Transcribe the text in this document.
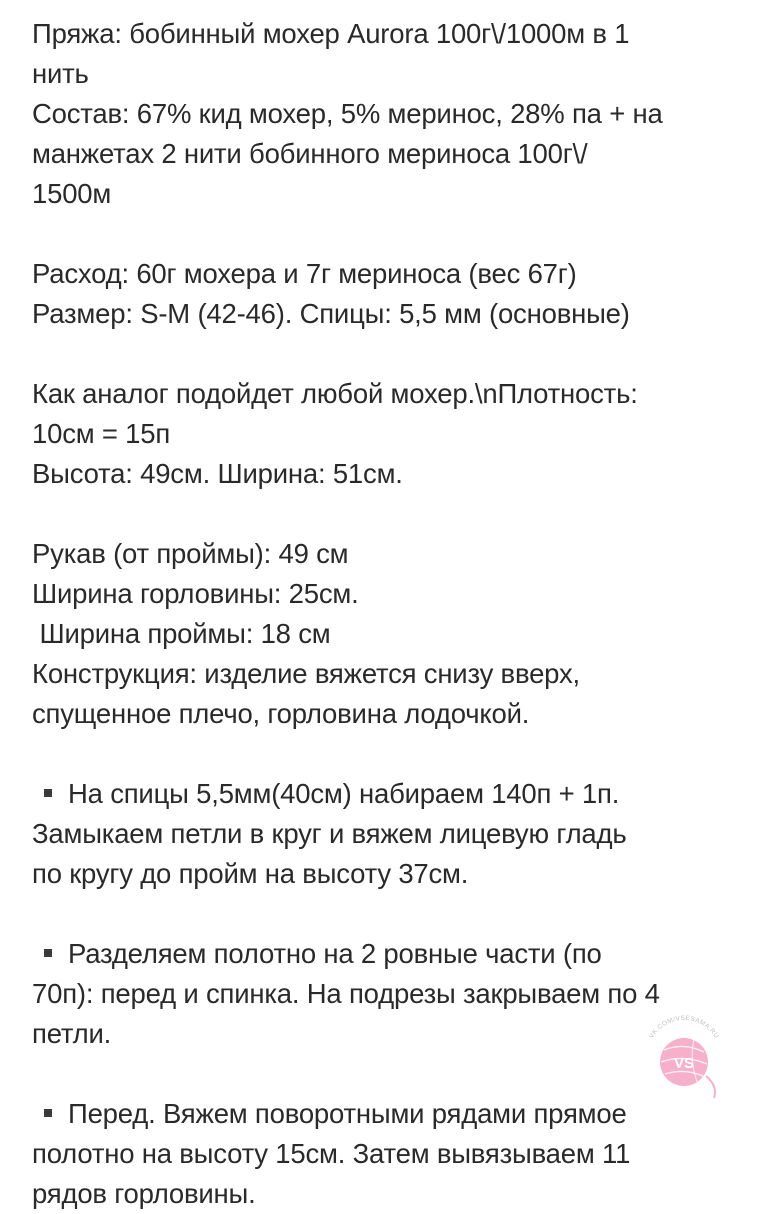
Пряжа: бобинный мохер Aurora 100г\/1000м в 1
нить
Состав: 67% кид мохер, 5% меринос, 28% па + на
манжетах 2 нити бобинного мериноса 100г\/
1500м
Расход: 60г мохера и 7г мериноса (вес 67г)
Размер: S-M (42-46). Спицы: 5,5 мм (основные)
Как аналог подойдет любой мохер.\nПлотность:
10см = 15п
Высота: 49см. Ширина: 51см.
Рукав (от проймы): 49 см
Ширина горловины: 25см.
Ширина проймы: 18 см
Конструкция: изделие вяжется снизу вверх,
спущенное плечо, горловина лодочкой.
На спицы 5,5мм(40см) набираем 140п + 1п.
Замыкаем петли в круг и вяжем лицевую гладь
по кругу до пройм на высоту 37см.
Разделяем полотно на 2 ровные части (по
70п): перед и спинка. На подрезы закрываем по 4
петли.
Перед. Вяжем поворотными рядами прямое
полотно на высоту 15см. Затем вывязываем 11
рядов горловины.
VK.COM/VSESAMA.RU
VS
